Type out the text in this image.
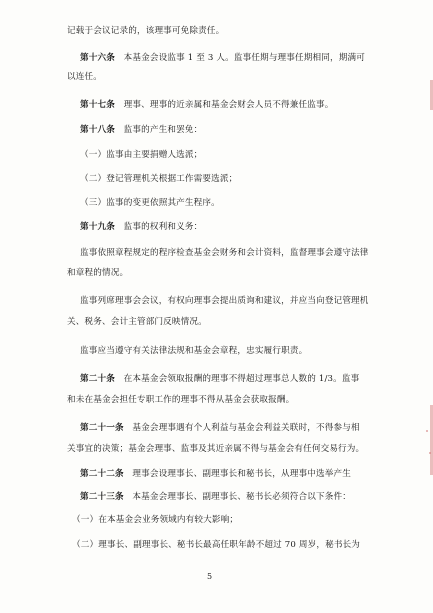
记载于会议记录的，该理事可免除责任。
第十六条 本基金会设监事 1 至 3 人。监事任期与理事任期相同，期满可
以连任。
第十七条 理事、理事的近亲属和基金会财会人员不得兼任监事。
第十八条 监事的产生和罢免：
（一）监事由主要捐赠人选派；
（二）登记管理机关根据工作需要选派；
（三）监事的变更依照其产生程序。
第十九条 监事的权利和义务：
监事依照章程规定的程序检查基金会财务和会计资料，监督理事会遵守法律
和章程的情况。
监事列席理事会会议，有权向理事会提出质询和建议，并应当向登记管理机
关、税务、会计主管部门反映情况。
监事应当遵守有关法律法规和基金会章程，忠实履行职责。
第二十条 在本基金会领取报酬的理事不得超过理事总人数的 1/3。监事
和未在基金会担任专职工作的理事不得从基金会获取报酬。
第二十一条 基金会理事遇有个人利益与基金会利益关联时，不得参与相
关事宜的决策；基金会理事、监事及其近亲属不得与基金会有任何交易行为。
第二十二条 理事会设理事长、副理事长和秘书长，从理事中选举产生
第二十三条 本基金会理事长、副理事长、秘书长必须符合以下条件：
（一）在本基金会业务领域内有较大影响；
（二）理事长、副理事长、秘书长最高任职年龄不超过 70 周岁，秘书长为
5
